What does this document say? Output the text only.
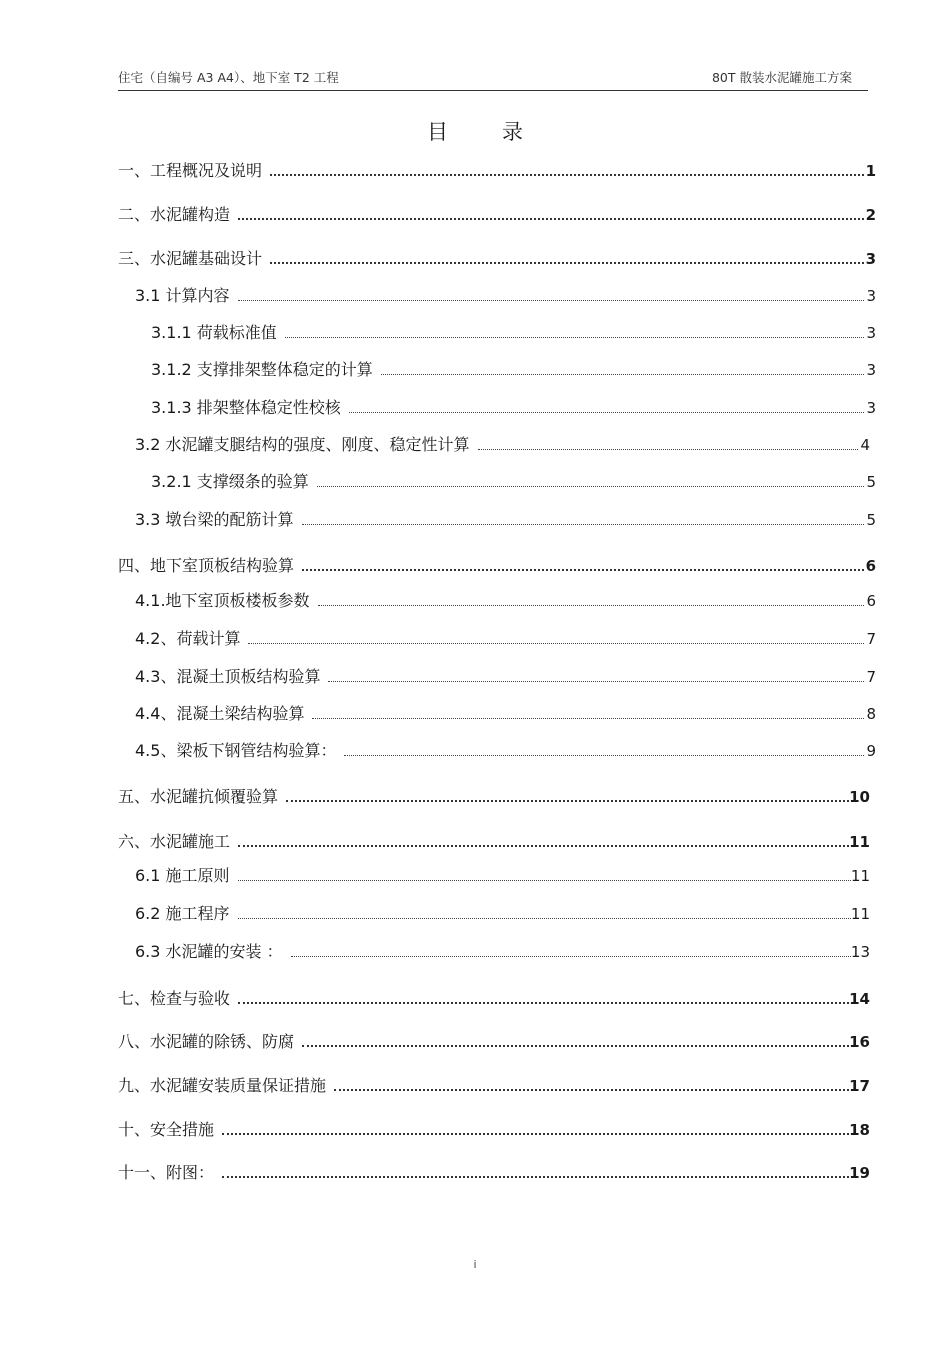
住宅（自编号 A3 A4）、地下室 T2 工程	80T 散装水泥罐施工方案
目录
一、工程概况及说明	1
二、水泥罐构造	2
三、水泥罐基础设计	3
3.1 计算内容	3
3.1.1 荷载标准值	3
3.1.2 支撑排架整体稳定的计算	3
3.1.3 排架整体稳定性校核	3
3.2 水泥罐支腿结构的强度、刚度、稳定性计算	4
3.2.1 支撑缀条的验算	5
3.3 墩台梁的配筋计算	5
四、地下室顶板结构验算	6
4.1.地下室顶板楼板参数	6
4.2、荷载计算	7
4.3、混凝土顶板结构验算	7
4.4、混凝土梁结构验算	8
4.5、梁板下钢管结构验算：	9
五、水泥罐抗倾覆验算	10
六、水泥罐施工	11
6.1 施工原则	11
6.2 施工程序	11
6.3 水泥罐的安装 ：	13
七、检查与验收	14
八、水泥罐的除锈、防腐	16
九、水泥罐安装质量保证措施	17
十、安全措施	18
十一、附图：	19
i
